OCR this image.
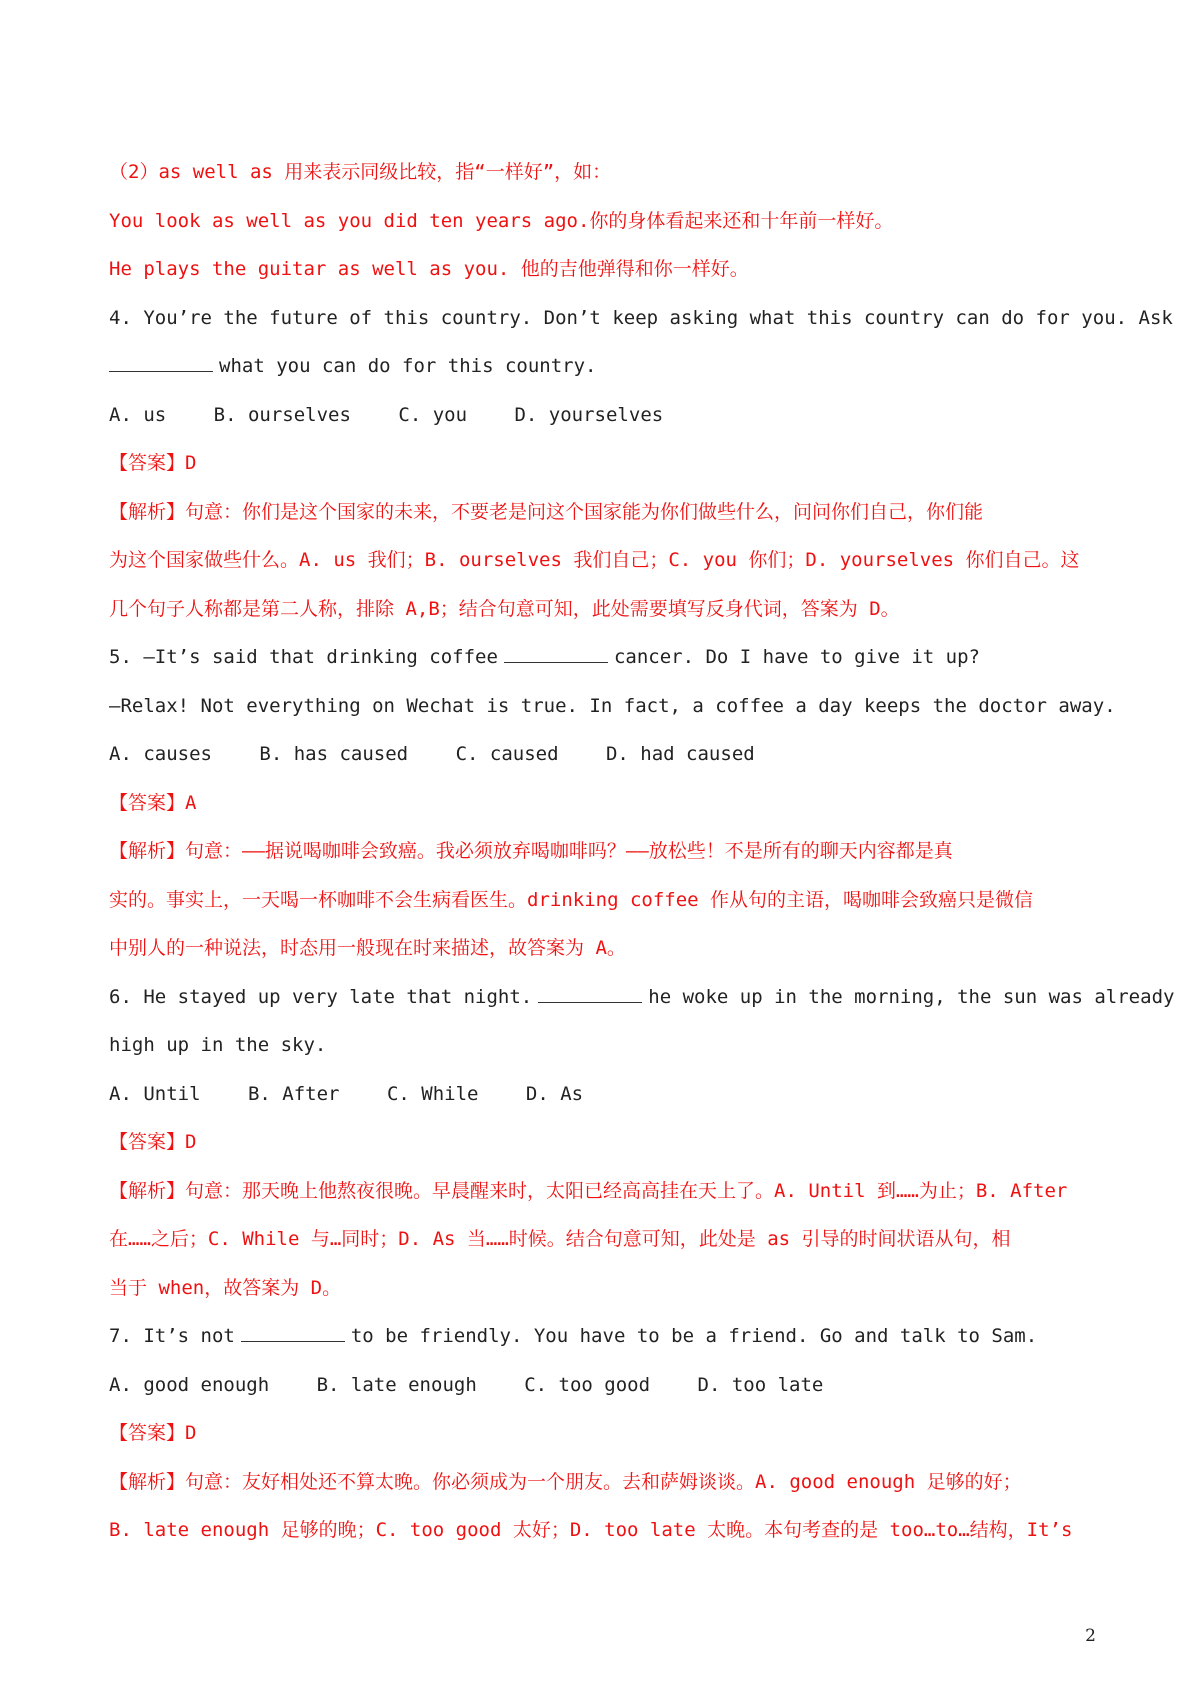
（2）as well as 用来表示同级比较，指“一样好”，如：
You look as well as you did ten years ago.你的身体看起来还和十年前一样好。
He plays the guitar as well as you. 他的吉他弹得和你一样好。
4. You’re the future of this country. Don’t keep asking what this country can do for you. Ask
what you can do for this country.
A. us B. ourselves C. you D. yourselves
【答案】D
【解析】句意：你们是这个国家的未来，不要老是问这个国家能为你们做些什么，问问你们自己，你们能
为这个国家做些什么。A. us 我们；B. ourselves 我们自己；C. you 你们；D. yourselves 你们自己。这
几个句子人称都是第二人称，排除 A,B；结合句意可知，此处需要填写反身代词，答案为 D。
5. —It’s said that drinking coffee	cancer. Do I have to give it up?
—Relax! Not everything on Wechat is true. In fact, a coffee a day keeps the doctor away.
A. causes B. has caused C. caused D. had caused
【答案】A
【解析】句意：——据说喝咖啡会致癌。我必须放弃喝咖啡吗？——放松些！不是所有的聊天内容都是真
实的。事实上，一天喝一杯咖啡不会生病看医生。drinking coffee 作从句的主语，喝咖啡会致癌只是微信
中别人的一种说法，时态用一般现在时来描述，故答案为 A。
6. He stayed up very late that night.	he woke up in the morning, the sun was already
high up in the sky.
A. Until B. After C. While D. As
【答案】D
【解析】句意：那天晚上他熬夜很晚。早晨醒来时，太阳已经高高挂在天上了。A. Until 到……为止；B. After
在……之后；C. While 与…同时；D. As 当……时候。结合句意可知，此处是 as 引导的时间状语从句，相
当于 when，故答案为 D。
7. It’s not	to be friendly. You have to be a friend. Go and talk to Sam.
A. good enough B. late enough C. too good D. too late
【答案】D
【解析】句意：友好相处还不算太晚。你必须成为一个朋友。去和萨姆谈谈。A. good enough 足够的好；
B. late enough 足够的晚；C. too good 太好；D. too late 太晚。本句考查的是 too…to…结构，It’s
2
